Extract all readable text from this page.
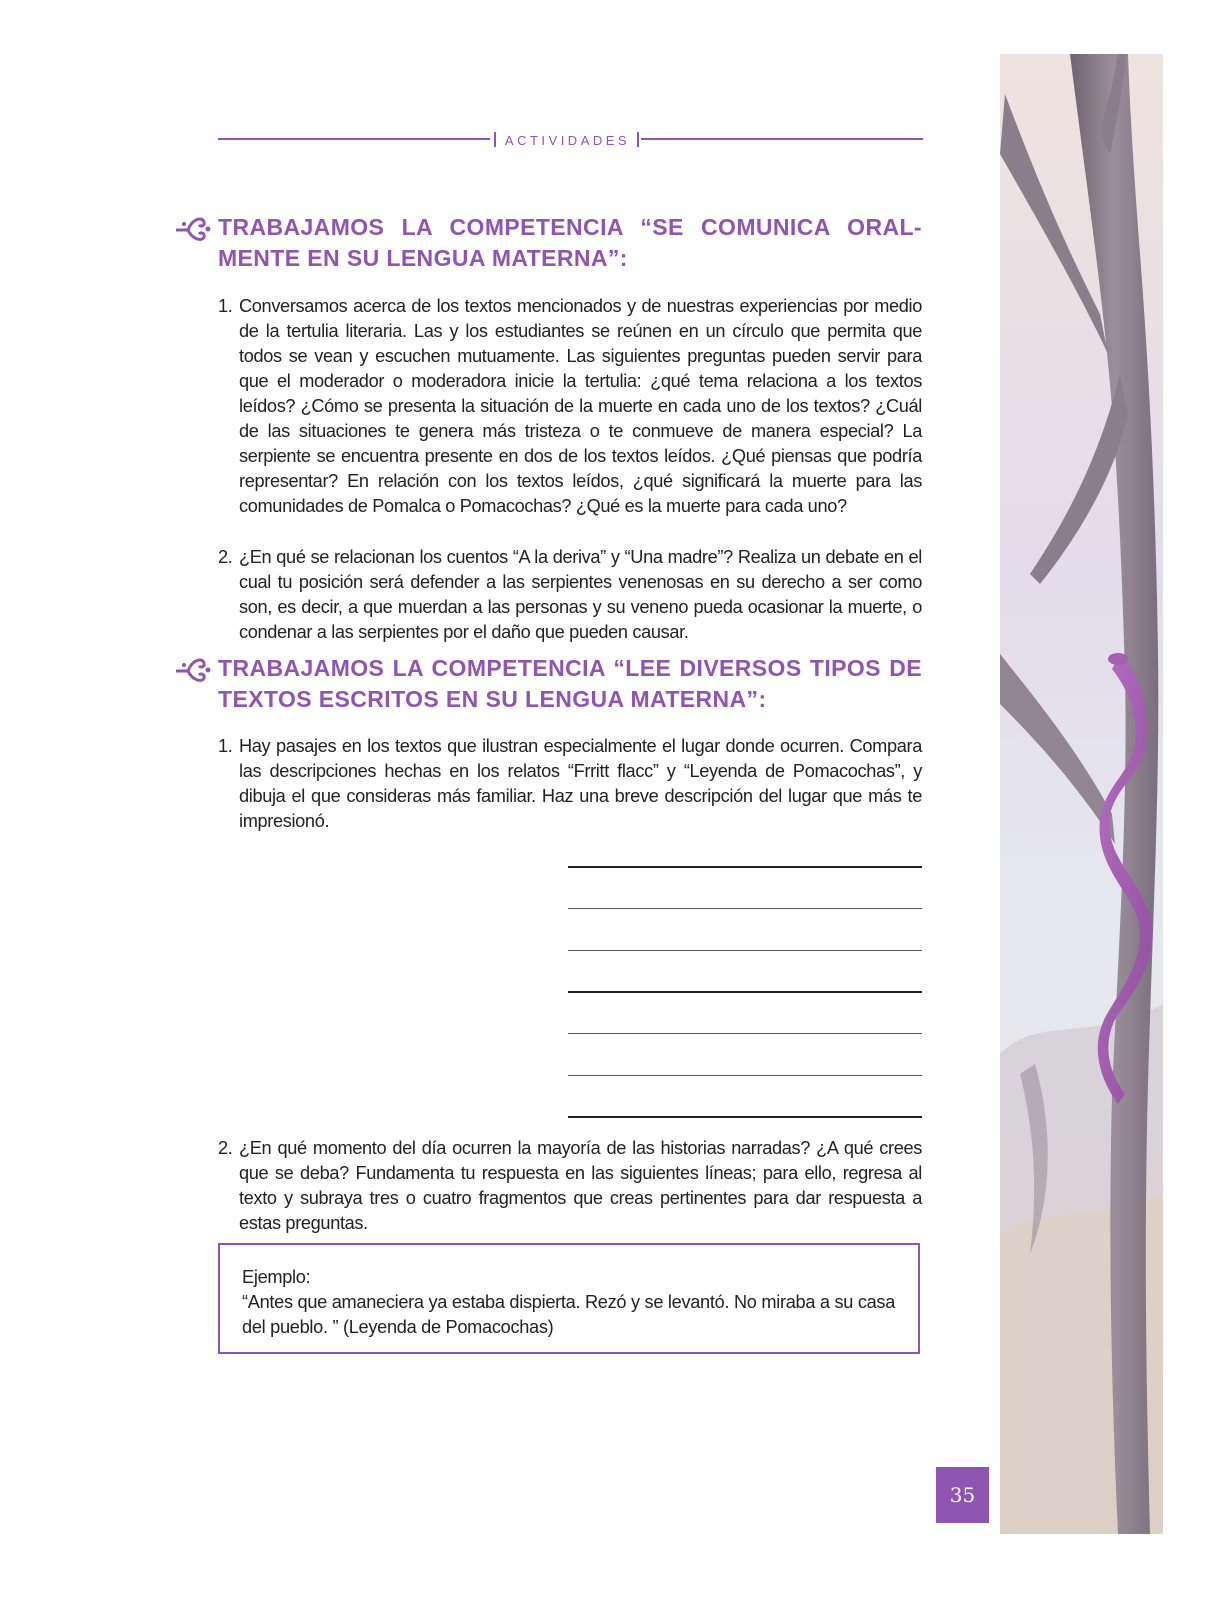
ACTIVIDADES
TRABAJAMOS LA COMPETENCIA “SE COMUNICA ORAL- MENTE EN SU LENGUA MATERNA”:
1. Conversamos acerca de los textos mencionados y de nuestras experiencias por medio de la tertulia literaria. Las y los estudiantes se reúnen en un círculo que permita que todos se vean y escuchen mutuamente. Las siguientes preguntas pueden servir para que el moderador o moderadora inicie la tertulia: ¿qué tema relaciona a los textos leídos? ¿Cómo se presenta la situación de la muerte en cada uno de los textos? ¿Cuál de las situaciones te genera más tristeza o te conmueve de manera especial? La serpiente se encuentra presente en dos de los textos leídos. ¿Qué piensas que podría representar? En relación con los textos leídos, ¿qué significará la muerte para las comunidades de Pomalca o Pomacochas? ¿Qué es la muerte para cada uno?
2. ¿En qué se relacionan los cuentos “A la deriva” y “Una madre”? Realiza un debate en el cual tu posición será defender a las serpientes venenosas en su derecho a ser como son, es decir, a que muerdan a las personas y su veneno pueda ocasionar la muerte, o condenar a las serpientes por el daño que pueden causar.
TRABAJAMOS LA COMPETENCIA “LEE DIVERSOS TIPOS DE TEXTOS ESCRITOS EN SU LENGUA MATERNA”:
1. Hay pasajes en los textos que ilustran especialmente el lugar donde ocurren. Compara las descripciones hechas en los relatos “Frritt flacc” y “Leyenda de Pomacochas”, y dibuja el que consideras más familiar. Haz una breve descripción del lugar que más te impresionó.
2. ¿En qué momento del día ocurren la mayoría de las historias narradas? ¿A qué crees que se deba? Fundamenta tu respuesta en las siguientes líneas; para ello, regresa al texto y subraya tres o cuatro fragmentos que creas pertinentes para dar respuesta a estas preguntas.
Ejemplo:
“Antes que amaneciera ya estaba dispierta. Rezó y se levantó. No miraba a su casa del pueblo. ” (Leyenda de Pomacochas)
35
